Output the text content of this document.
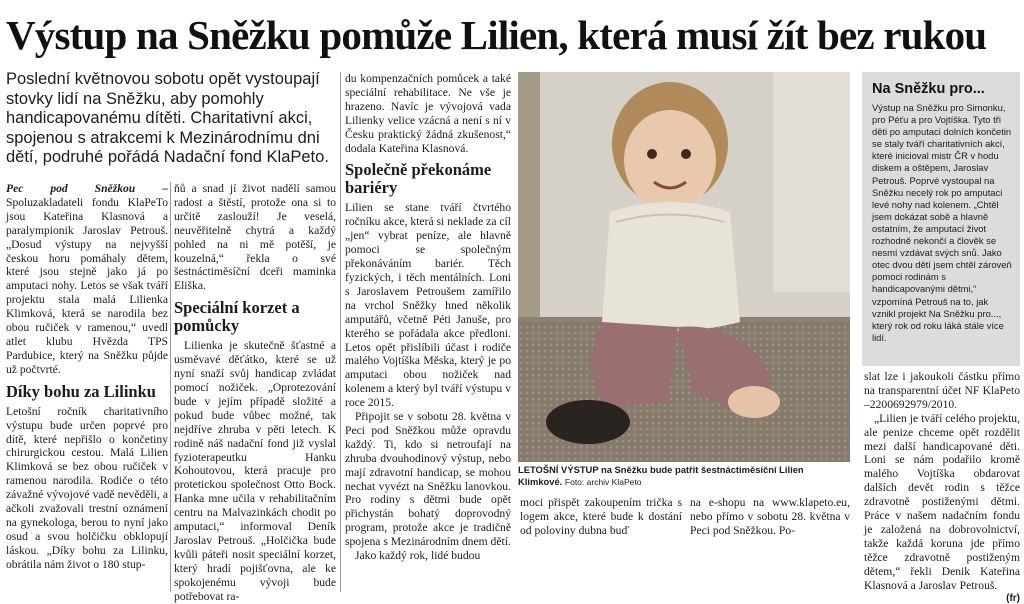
Výstup na Sněžku pomůže Lilien, která musí žít bez rukou

Poslední květnovou sobotu opět vystoupají stovky lidí na Sněžku, aby pomohly handicapovanému dítěti. Charitativní akci, spojenou s atrakcemi k Mezinárodnímu dni dětí, podruhé pořádá Nadační fond KlaPeto.

Pec pod Sněžkou – Spoluzakladateli fondu KlaPeTo jsou Kateřina Klasnová a paralympionik Jaroslav Petrouš. „Dosud výstupy na nejvyšší českou horu pomáhaly dětem, které jsou stejně jako já po amputaci nohy. Letos se však tváří projektu stala malá Lilienka Klimková, která se narodila bez obou ručiček v ramenou,“ uvedl atlet klubu Hvězda TPS Pardubice, který na Sněžku půjde už počtvrté.

Díky bohu za Lilinku

Letošní ročník charitativního výstupu bude určen poprvé pro dítě, které nepřišlo o končetiny chirurgickou cestou. Malá Lilien Klimková se bez obou ručiček v ramenou narodila. Rodiče o této závažné vývojové vadě nevěděli, a ačkoli zvažovali trestní oznámení na gynekologa, berou to nyní jako osud a svou holčičku obklopují láskou. „Díky bohu za Lilinku, obrátila nám život o 180 stup-

ňů a snad jí život nadělí samou radost a štěstí, protože ona si to určitě zaslouží! Je veselá, neuvěřitelně chytrá a každý pohled na ni mě potěší, je kouzelná,“ řekla o své šestnáctiměsíční dceři maminka Eliška.

Speciální korzet a pomůcky

Lilienka je skutečně šťastné a usměvavé děťátko, které se už nyní snaží svůj handicap zvládat pomocí nožiček. „Oprotezování bude v jejím případě složité a pokud bude vůbec možné, tak nejdříve zhruba v pěti letech. K rodině náš nadační fond již vyslal fyzioterapeutku Hanku Kohoutovou, která pracuje pro protetickou společnost Otto Bock. Hanka mne učila v rehabilitačním centru na Malvazinkách chodit po amputaci,“ informoval Deník Jaroslav Petrouš. „Holčička bude kvůli páteři nosit speciální korzet, který hradí pojišťovna, ale ke spokojenému vývoji bude potřebovat ra-

du kompenzačních pomůcek a také speciální rehabilitace. Ne vše je hrazeno. Navíc je vývojová vada Lilienky velice vzácná a není s ní v Česku praktický žádná zkušenost,“ dodala Kateřina Klasnová.

Společně překonáme bariéry

Lilien se stane tváří čtvrtého ročníku akce, která si neklade za cíl „jen“ vybrat peníze, ale hlavně pomoci se společným překonáváním bariér. Těch fyzických, i těch mentálních. Loni s Jaroslavem Petroušem zamířilo na vrchol Sněžky hned několik amputářů, včetně Péti Januše, pro kterého se pořádala akce předloni. Letos opět přislíbili účast i rodiče malého Vojtíška Měska, který je po amputaci obou nožiček nad kolenem a který byl tváří výstupu v roce 2015.

Připojit se v sobotu 28. května v Peci pod Sněžkou může opravdu každý. Ti, kdo si netroufají na zhruba dvouhodinový výstup, nebo mají zdravotní handicap, se mohou nechat vyvézt na Sněžku lanovkou. Pro rodiny s dětmi bude opět přichystán bohatý doprovodný program, protože akce je tradičně spojena s Mezinárodním dnem dětí.

Jako každý rok, lidé budou

LETOŠNÍ VÝSTUP na Sněžku bude patřit šestnáctiměsíční Lilien Klimkové. Foto: archiv KlaPeto

moci přispět zakoupením trička s logem akce, které bude k dostání od poloviny dubna buď

na e-shopu na www.klapeto.eu, nebo přímo v sobotu 28. května v Peci pod Sněžkou. Po-

Na Sněžku pro...

Výstup na Sněžku pro Simonku, pro Péťu a pro Vojtíška. Tyto tři děti po amputaci dolních končetin se staly tváří charitativních akcí, které inicioval mistr ČR v hodu diskem a oštěpem, Jaroslav Petrouš. Poprvé vystoupal na Sněžku necelý rok po amputaci levé nohy nad kolenem. „Chtěl jsem dokázat sobě a hlavně ostatním, že amputací život rozhodně nekončí a člověk se nesmí vzdávat svých snů. Jako otec dvou dětí jsem chtěl zároveň pomoci rodinám s handicapovanými dětmi,“ vzpomíná Petrouš na to, jak vznikl projekt Na Sněžku pro..., který rok od roku láká stále více lidí.

slat lze i jakoukoli částku přímo na transparentní účet NF KlaPeto –2200692979/2010.

„Lilien je tváří celého projektu, ale penize chceme opět rozdělit mezi další handicapované děti. Loni se nám podařilo kromě malého Vojtíška obdarovat dalších devět rodin s těžce zdravotně postiženými dětmi. Práce v našem nadačním fondu je založená na dobrovolnictví, takže každá koruna jde přímo těžce zdravotně postiženým dětem,“ řekli Denik Kateřina Klasnová a Jaroslav Petrouš.

(fr)
